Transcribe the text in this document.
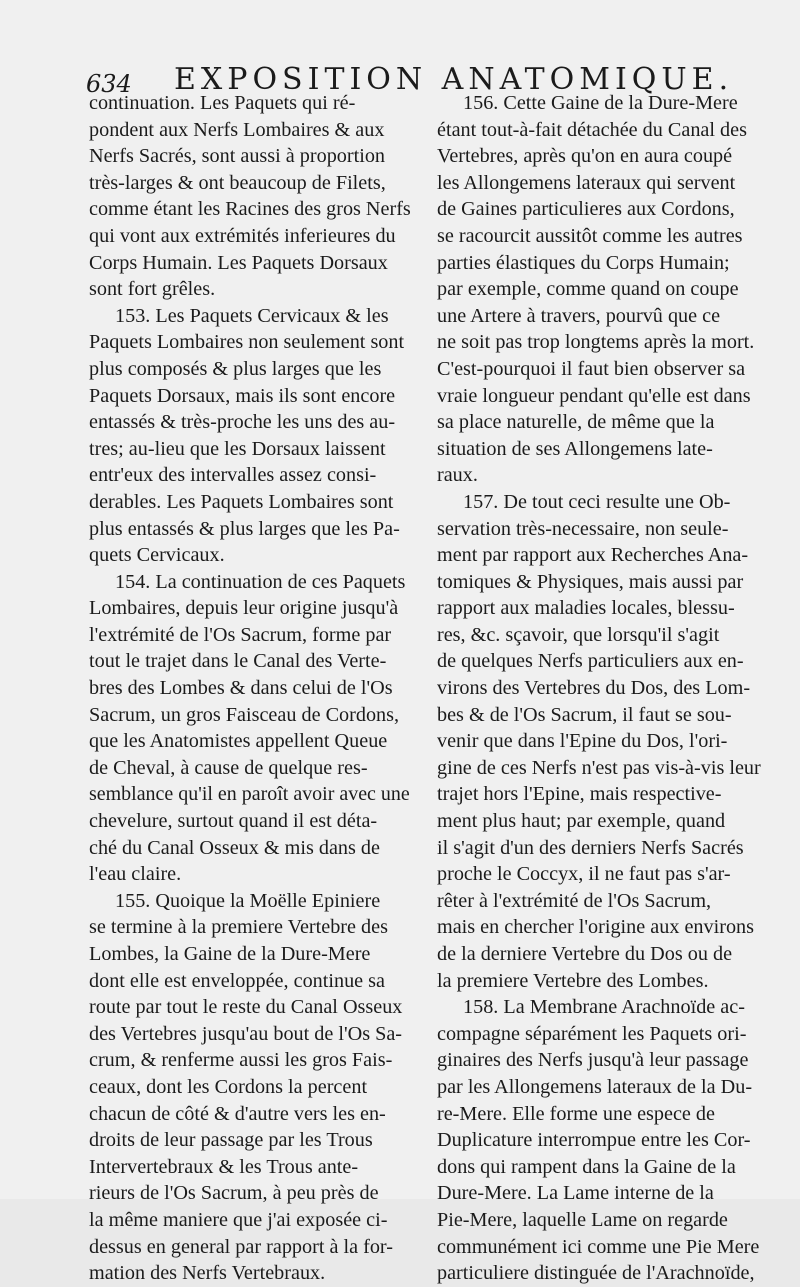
634 EXPOSITION ANATOMIQUE.
continuation. Les Paquets qui ré-
pondent aux Nerfs Lombaires & aux
Nerfs Sacrés, sont aussi à proportion
très-larges & ont beaucoup de Filets,
comme étant les Racines des gros Nerfs
qui vont aux extrémités inferieures du
Corps Humain. Les Paquets Dorsaux
sont fort grêles.
153. Les Paquets Cervicaux & les
Paquets Lombaires non seulement sont
plus composés & plus larges que les
Paquets Dorsaux, mais ils sont encore
entassés & très-proche les uns des au-
tres; au-lieu que les Dorsaux laissent
entr'eux des intervalles assez consi-
derables. Les Paquets Lombaires sont
plus entassés & plus larges que les Pa-
quets Cervicaux.
154. La continuation de ces Paquets
Lombaires, depuis leur origine jusqu'à
l'extrémité de l'Os Sacrum, forme par
tout le trajet dans le Canal des Verte-
bres des Lombes & dans celui de l'Os
Sacrum, un gros Faisceau de Cordons,
que les Anatomistes appellent Queue
de Cheval, à cause de quelque res-
semblance qu'il en paroît avoir avec une
chevelure, surtout quand il est déta-
ché du Canal Osseux & mis dans de
l'eau claire.
155. Quoique la Moëlle Epiniere
se termine à la premiere Vertebre des
Lombes, la Gaine de la Dure-Mere
dont elle est enveloppée, continue sa
route par tout le reste du Canal Osseux
des Vertebres jusqu'au bout de l'Os Sa-
crum, & renferme aussi les gros Fais-
ceaux, dont les Cordons la percent
chacun de côté & d'autre vers les en-
droits de leur passage par les Trous
Intervertebraux & les Trous ante-
rieurs de l'Os Sacrum, à peu près de
la même maniere que j'ai exposée ci-
dessus en general par rapport à la for-
mation des Nerfs Vertebraux.
156. Cette Gaine de la Dure-Mere
étant tout-à-fait détachée du Canal des
Vertebres, après qu'on en aura coupé
les Allongemens lateraux qui servent
de Gaines particulieres aux Cordons,
se racourcit aussitôt comme les autres
parties élastiques du Corps Humain;
par exemple, comme quand on coupe
une Artere à travers, pourvû que ce
ne soit pas trop longtems après la mort.
C'est-pourquoi il faut bien observer sa
vraie longueur pendant qu'elle est dans
sa place naturelle, de même que la
situation de ses Allongemens late-
raux.
157. De tout ceci resulte une Ob-
servation très-necessaire, non seule-
ment par rapport aux Recherches Ana-
tomiques & Physiques, mais aussi par
rapport aux maladies locales, blessu-
res, &c. sçavoir, que lorsqu'il s'agit
de quelques Nerfs particuliers aux en-
virons des Vertebres du Dos, des Lom-
bes & de l'Os Sacrum, il faut se sou-
venir que dans l'Epine du Dos, l'ori-
gine de ces Nerfs n'est pas vis-à-vis leur
trajet hors l'Epine, mais respective-
ment plus haut; par exemple, quand
il s'agit d'un des derniers Nerfs Sacrés
proche le Coccyx, il ne faut pas s'ar-
rêter à l'extrémité de l'Os Sacrum,
mais en chercher l'origine aux environs
de la derniere Vertebre du Dos ou de
la premiere Vertebre des Lombes.
158. La Membrane Arachnoïde ac-
compagne séparément les Paquets ori-
ginaires des Nerfs jusqu'à leur passage
par les Allongemens lateraux de la Du-
re-Mere. Elle forme une espece de
Duplicature interrompue entre les Cor-
dons qui rampent dans la Gaine de la
Dure-Mere. La Lame interne de la
Pie-Mere, laquelle Lame on regarde
communément ici comme une Pie Mere
particuliere distinguée de l'Arachnoïde,
